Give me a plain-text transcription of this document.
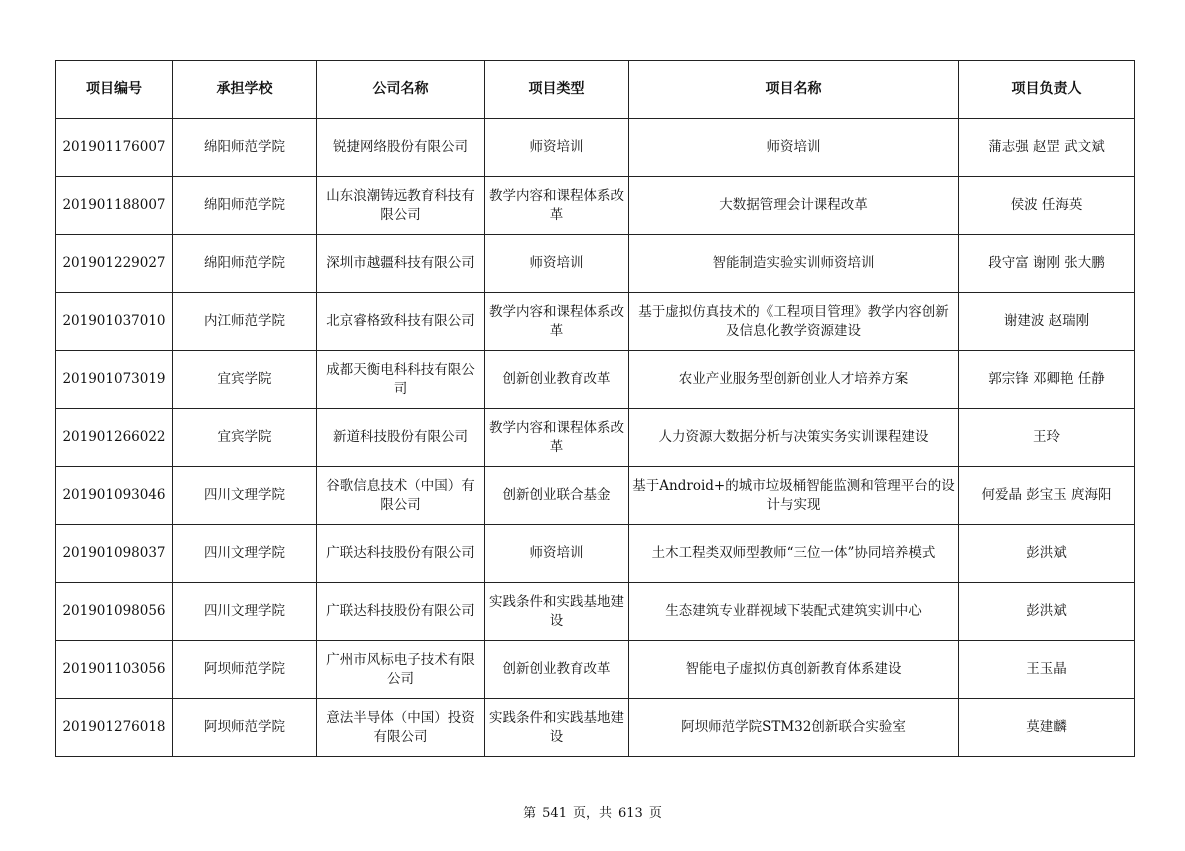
项目编号	承担学校	公司名称	项目类型	项目名称	项目负责人
201901176007	绵阳师范学院	锐捷网络股份有限公司	师资培训	师资培训	蒲志强 赵罡 武文斌
201901188007	绵阳师范学院	山东浪潮铸远教育科技有限公司	教学内容和课程体系改革	大数据管理会计课程改革	侯波 任海英
201901229027	绵阳师范学院	深圳市越疆科技有限公司	师资培训	智能制造实验实训师资培训	段守富 谢刚 张大鹏
201901037010	内江师范学院	北京睿格致科技有限公司	教学内容和课程体系改革	基于虚拟仿真技术的《工程项目管理》教学内容创新及信息化教学资源建设	谢建波 赵瑞刚
201901073019	宜宾学院	成都天衡电科科技有限公司	创新创业教育改革	农业产业服务型创新创业人才培养方案	郭宗锋 邓卿艳 任静
201901266022	宜宾学院	新道科技股份有限公司	教学内容和课程体系改革	人力资源大数据分析与决策实务实训课程建设	王玲
201901093046	四川文理学院	谷歌信息技术（中国）有限公司	创新创业联合基金	基于Android+的城市垃圾桶智能监测和管理平台的设计与实现	何爱晶 彭宝玉 庹海阳
201901098037	四川文理学院	广联达科技股份有限公司	师资培训	土木工程类双师型教师“三位一体”协同培养模式	彭洪斌
201901098056	四川文理学院	广联达科技股份有限公司	实践条件和实践基地建设	生态建筑专业群视域下装配式建筑实训中心	彭洪斌
201901103056	阿坝师范学院	广州市风标电子技术有限公司	创新创业教育改革	智能电子虚拟仿真创新教育体系建设	王玉晶
201901276018	阿坝师范学院	意法半导体（中国）投资有限公司	实践条件和实践基地建设	阿坝师范学院STM32创新联合实验室	莫建麟
第 541 页，共 613 页
